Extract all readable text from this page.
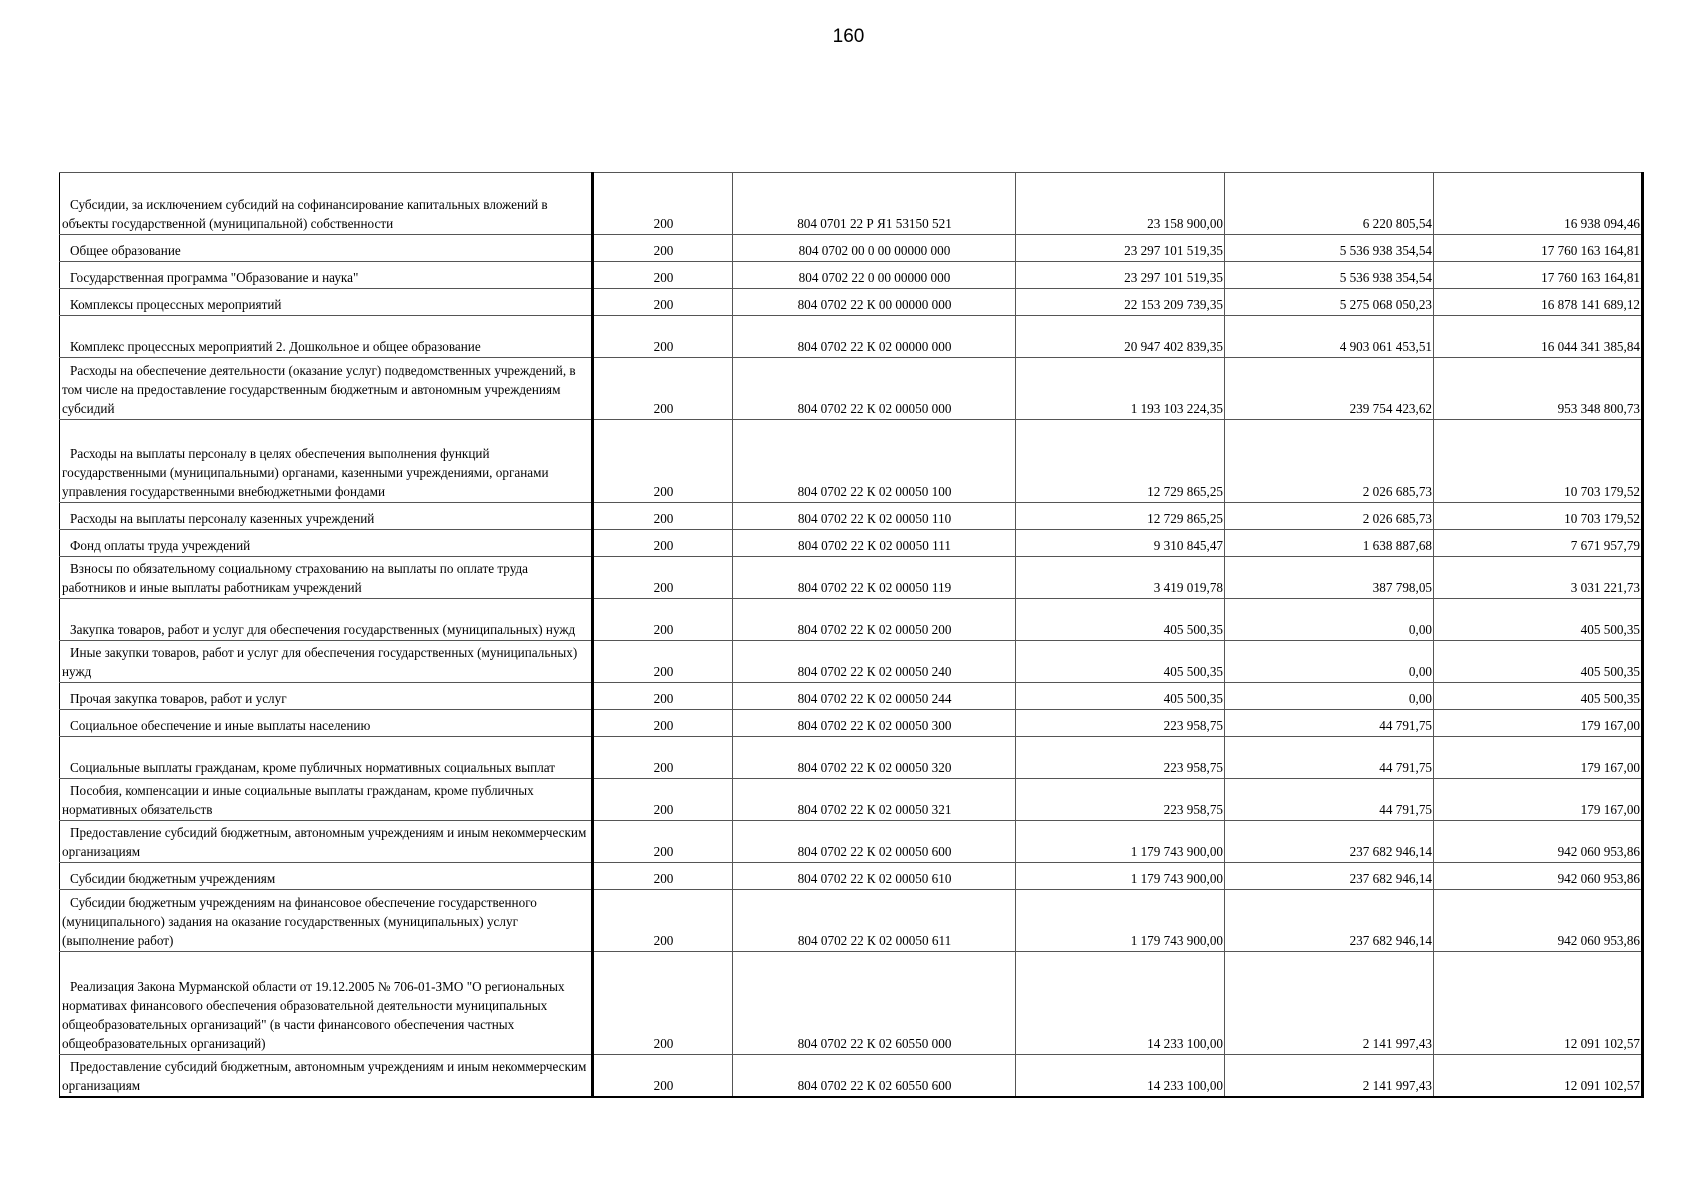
160
Субсидии, за исключением субсидий на софинансирование капитальных вложений в объекты государственной (муниципальной) собственности	200	804 0701 22 Р Я1 53150 521	23 158 900,00	6 220 805,54	16 938 094,46
Общее образование	200	804 0702 00 0 00 00000 000	23 297 101 519,35	5 536 938 354,54	17 760 163 164,81
Государственная программа "Образование и наука"	200	804 0702 22 0 00 00000 000	23 297 101 519,35	5 536 938 354,54	17 760 163 164,81
Комплексы процессных мероприятий	200	804 0702 22 К 00 00000 000	22 153 209 739,35	5 275 068 050,23	16 878 141 689,12
Комплекс процессных мероприятий 2. Дошкольное и общее образование	200	804 0702 22 К 02 00000 000	20 947 402 839,35	4 903 061 453,51	16 044 341 385,84
Расходы на обеспечение деятельности (оказание услуг) подведомственных учреждений, в том числе на предоставление государственным бюджетным и автономным учреждениям субсидий	200	804 0702 22 К 02 00050 000	1 193 103 224,35	239 754 423,62	953 348 800,73
Расходы на выплаты персоналу в целях обеспечения выполнения функций государственными (муниципальными) органами, казенными учреждениями, органами управления государственными внебюджетными фондами	200	804 0702 22 К 02 00050 100	12 729 865,25	2 026 685,73	10 703 179,52
Расходы на выплаты персоналу казенных учреждений	200	804 0702 22 К 02 00050 110	12 729 865,25	2 026 685,73	10 703 179,52
Фонд оплаты труда учреждений	200	804 0702 22 К 02 00050 111	9 310 845,47	1 638 887,68	7 671 957,79
Взносы по обязательному социальному страхованию на выплаты по оплате труда работников и иные выплаты работникам учреждений	200	804 0702 22 К 02 00050 119	3 419 019,78	387 798,05	3 031 221,73
Закупка товаров, работ и услуг для обеспечения государственных (муниципальных) нужд	200	804 0702 22 К 02 00050 200	405 500,35	0,00	405 500,35
Иные закупки товаров, работ и услуг для обеспечения государственных (муниципальных) нужд	200	804 0702 22 К 02 00050 240	405 500,35	0,00	405 500,35
Прочая закупка товаров, работ и услуг	200	804 0702 22 К 02 00050 244	405 500,35	0,00	405 500,35
Социальное обеспечение и иные выплаты населению	200	804 0702 22 К 02 00050 300	223 958,75	44 791,75	179 167,00
Социальные выплаты гражданам, кроме публичных нормативных социальных выплат	200	804 0702 22 К 02 00050 320	223 958,75	44 791,75	179 167,00
Пособия, компенсации и иные социальные выплаты гражданам, кроме публичных нормативных обязательств	200	804 0702 22 К 02 00050 321	223 958,75	44 791,75	179 167,00
Предоставление субсидий бюджетным, автономным учреждениям и иным некоммерческим организациям	200	804 0702 22 К 02 00050 600	1 179 743 900,00	237 682 946,14	942 060 953,86
Субсидии бюджетным учреждениям	200	804 0702 22 К 02 00050 610	1 179 743 900,00	237 682 946,14	942 060 953,86
Субсидии бюджетным учреждениям на финансовое обеспечение государственного (муниципального) задания на оказание государственных (муниципальных) услуг (выполнение работ)	200	804 0702 22 К 02 00050 611	1 179 743 900,00	237 682 946,14	942 060 953,86
Реализация Закона Мурманской области от 19.12.2005 № 706-01-ЗМО "О региональных нормативах финансового обеспечения образовательной деятельности муниципальных общеобразовательных организаций" (в части финансового обеспечения частных общеобразовательных организаций)	200	804 0702 22 К 02 60550 000	14 233 100,00	2 141 997,43	12 091 102,57
Предоставление субсидий бюджетным, автономным учреждениям и иным некоммерческим организациям	200	804 0702 22 К 02 60550 600	14 233 100,00	2 141 997,43	12 091 102,57
